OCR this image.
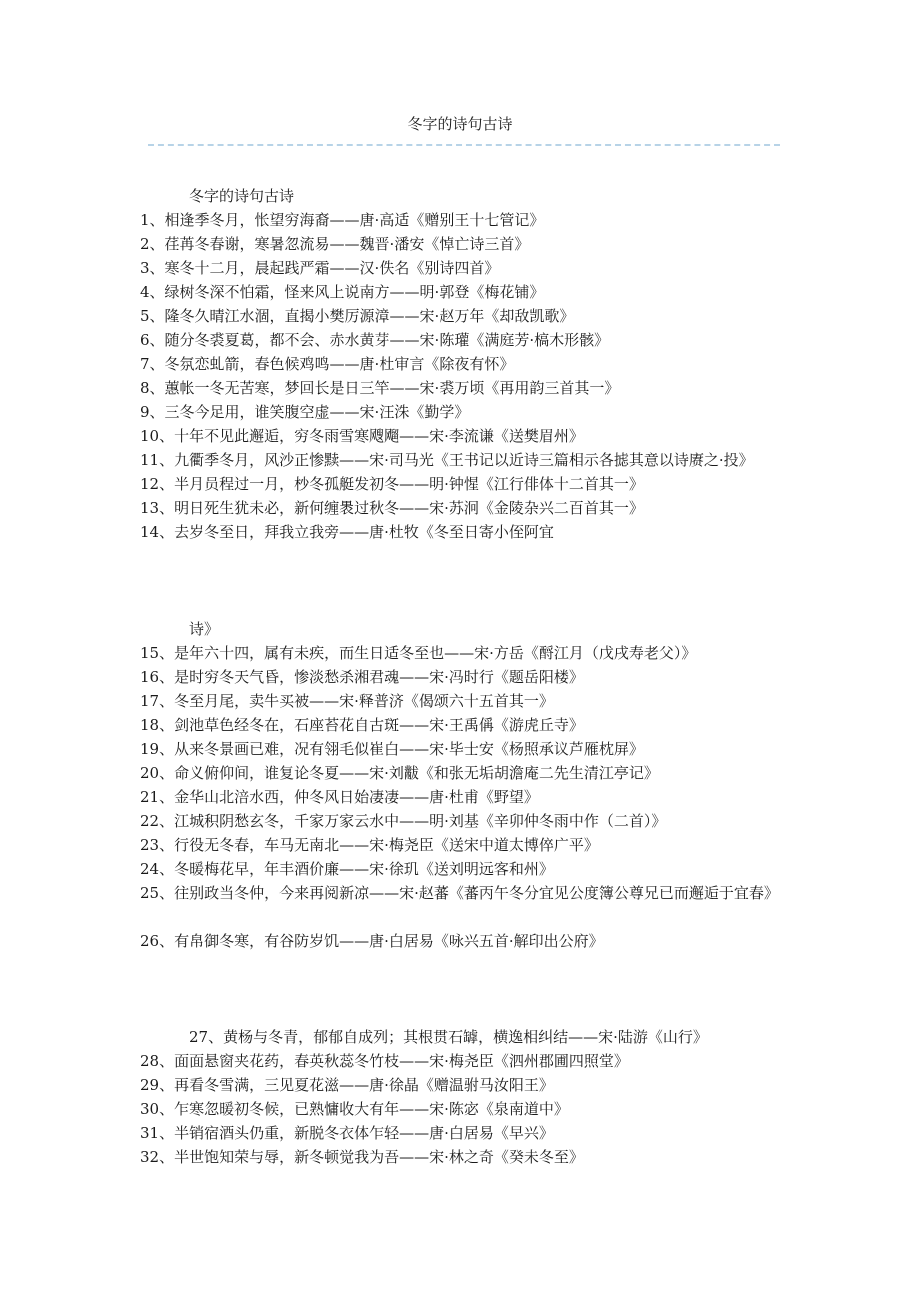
冬字的诗句古诗
冬字的诗句古诗
1、相逢季冬月，怅望穷海裔——唐·高适《赠别王十七管记》
2、荏苒冬春谢，寒暑忽流易——魏晋·潘安《悼亡诗三首》
3、寒冬十二月，晨起践严霜——汉·佚名《别诗四首》
4、绿树冬深不怕霜，怪来风上说南方——明·郭登《梅花铺》
5、隆冬久晴江水涸，直揭小樊厉源漳——宋·赵万年《却敌凯歌》
6、随分冬裘夏葛，都不会、赤水黄芽——宋·陈瓘《满庭芳·槁木形骸》
7、冬氛恋虬箭，春色候鸡鸣——唐·杜审言《除夜有怀》
8、蕙帐一冬无苦寒，梦回长是日三竿——宋·裘万顷《再用韵三首其一》
9、三冬今足用，谁笑腹空虚——宋·汪洙《勤学》
10、十年不见此邂逅，穷冬雨雪寒飕飗——宋·李流谦《送樊眉州》
11、九衢季冬月，风沙正惨黩——宋·司马光《王书记以近诗三篇相示各摅其意以诗赓之·投》
12、半月员程过一月，杪冬孤艇发初冬——明·钟惺《江行俳体十二首其一》
13、明日死生犹未必，新何缠褁过秋冬——宋·苏泂《金陵杂兴二百首其一》
14、去岁冬至日，拜我立我旁——唐·杜牧《冬至日寄小侄阿宜
诗》
15、是年六十四，属有未疾，而生日适冬至也——宋·方岳《酹江月（戊戌寿老父）》
16、是时穷冬天气昏，惨淡愁杀湘君魂——宋·冯时行《题岳阳楼》
17、冬至月尾，卖牛买被——宋·释普济《偈颂六十五首其一》
18、剑池草色经冬在，石座苔花自古斑——宋·王禹偁《游虎丘寺》
19、从来冬景画已难，况有翎毛似崔白——宋·毕士安《杨照承议芦雁枕屏》
20、命义俯仰间，谁复论冬夏——宋·刘黻《和张无垢胡澹庵二先生清江亭记》
21、金华山北涪水西，仲冬风日始凄凄——唐·杜甫《野望》
22、江城积阴愁玄冬，千家万家云水中——明·刘基《辛卯仲冬雨中作（二首）》
23、行役无冬春，车马无南北——宋·梅尧臣《送宋中道太博倅广平》
24、冬暖梅花早，年丰酒价廉——宋·徐玑《送刘明远客和州》
25、往别政当冬仲，今来再阅新凉——宋·赵蕃《蕃丙午冬分宜见公度簿公尊兄已而邂逅于宜春》
26、有帛御冬寒，有谷防岁饥——唐·白居易《咏兴五首·解印出公府》
27、黄杨与冬青，郁郁自成列；其根贯石罅，横逸相纠结——宋·陆游《山行》
28、面面悬窗夹花药，春英秋蕊冬竹枝——宋·梅尧臣《泗州郡圃四照堂》
29、再看冬雪满，三见夏花滋——唐·徐晶《赠温驸马汝阳王》
30、乍寒忽暖初冬候，已熟慵收大有年——宋·陈宓《泉南道中》
31、半销宿酒头仍重，新脱冬衣体乍轻——唐·白居易《早兴》
32、半世饱知荣与辱，新冬顿觉我为吾——宋·林之奇《癸未冬至》
